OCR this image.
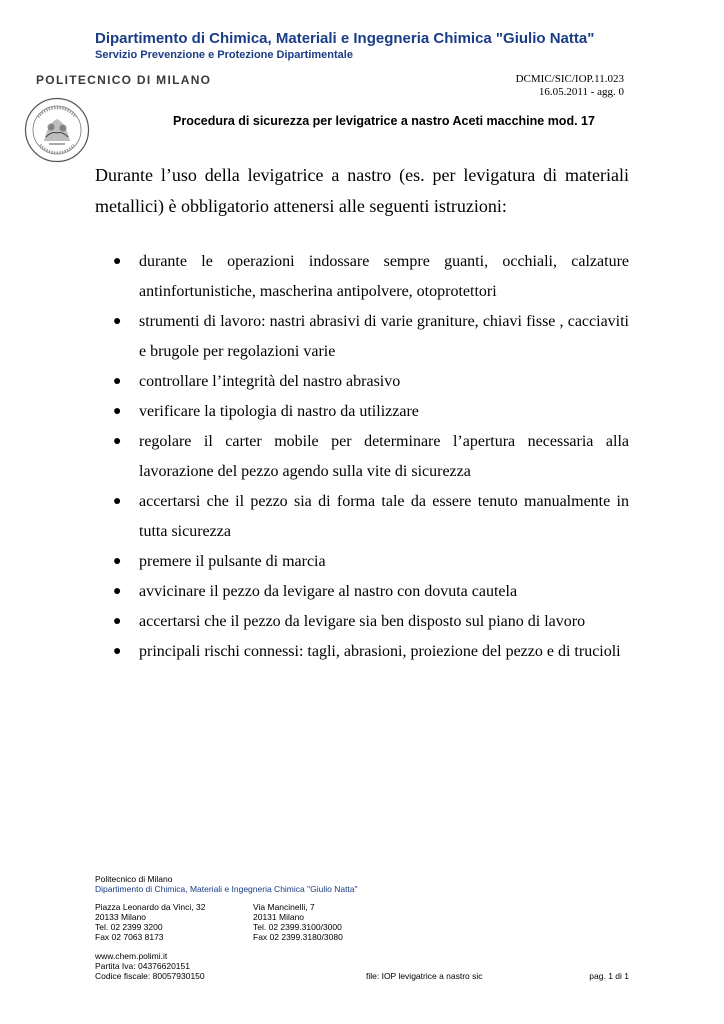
Dipartimento di Chimica, Materiali e Ingegneria Chimica "Giulio Natta"
Servizio Prevenzione e Protezione Dipartimentale
POLITECNICO DI MILANO	DCMIC/SIC/IOP.11.023
16.05.2011 - agg. 0
Procedura di sicurezza per levigatrice a nastro Aceti macchine mod. 17

Durante l’uso della levigatrice a nastro (es. per levigatura di materiali metallici) è obbligatorio attenersi alle seguenti istruzioni:

● durante le operazioni indossare sempre guanti, occhiali, calzature antinfortunistiche, mascherina antipolvere, otoprotettori
● strumenti di lavoro: nastri abrasivi di varie graniture, chiavi fisse , cacciaviti e brugole per regolazioni varie
● controllare l’integrità del nastro abrasivo
● verificare la tipologia di nastro da utilizzare
● regolare il carter mobile per determinare l’apertura necessaria alla lavorazione del pezzo agendo sulla vite di sicurezza
● accertarsi che il pezzo sia di forma tale da essere tenuto manualmente in tutta sicurezza
● premere il pulsante di marcia
● avvicinare il pezzo da levigare al nastro con dovuta cautela
● accertarsi che il pezzo da levigare sia ben disposto sul piano di lavoro
● principali rischi connessi: tagli, abrasioni, proiezione del pezzo e di trucioli
Politecnico di Milano
Dipartimento di Chimica, Materiali e Ingegneria Chimica "Giulio Natta"
Piazza Leonardo da Vinci, 32
20133 Milano
Tel. 02 2399 3200
Fax 02 7063 8173
Via Mancinelli, 7
20131 Milano
Tel. 02 2399.3100/3000
Fax 02 2399.3180/3080
www.chem.polimi.it
Partita Iva: 04376620151
Codice fiscale: 80057930150	file: IOP levigatrice a nastro sic	pag. 1 di 1
